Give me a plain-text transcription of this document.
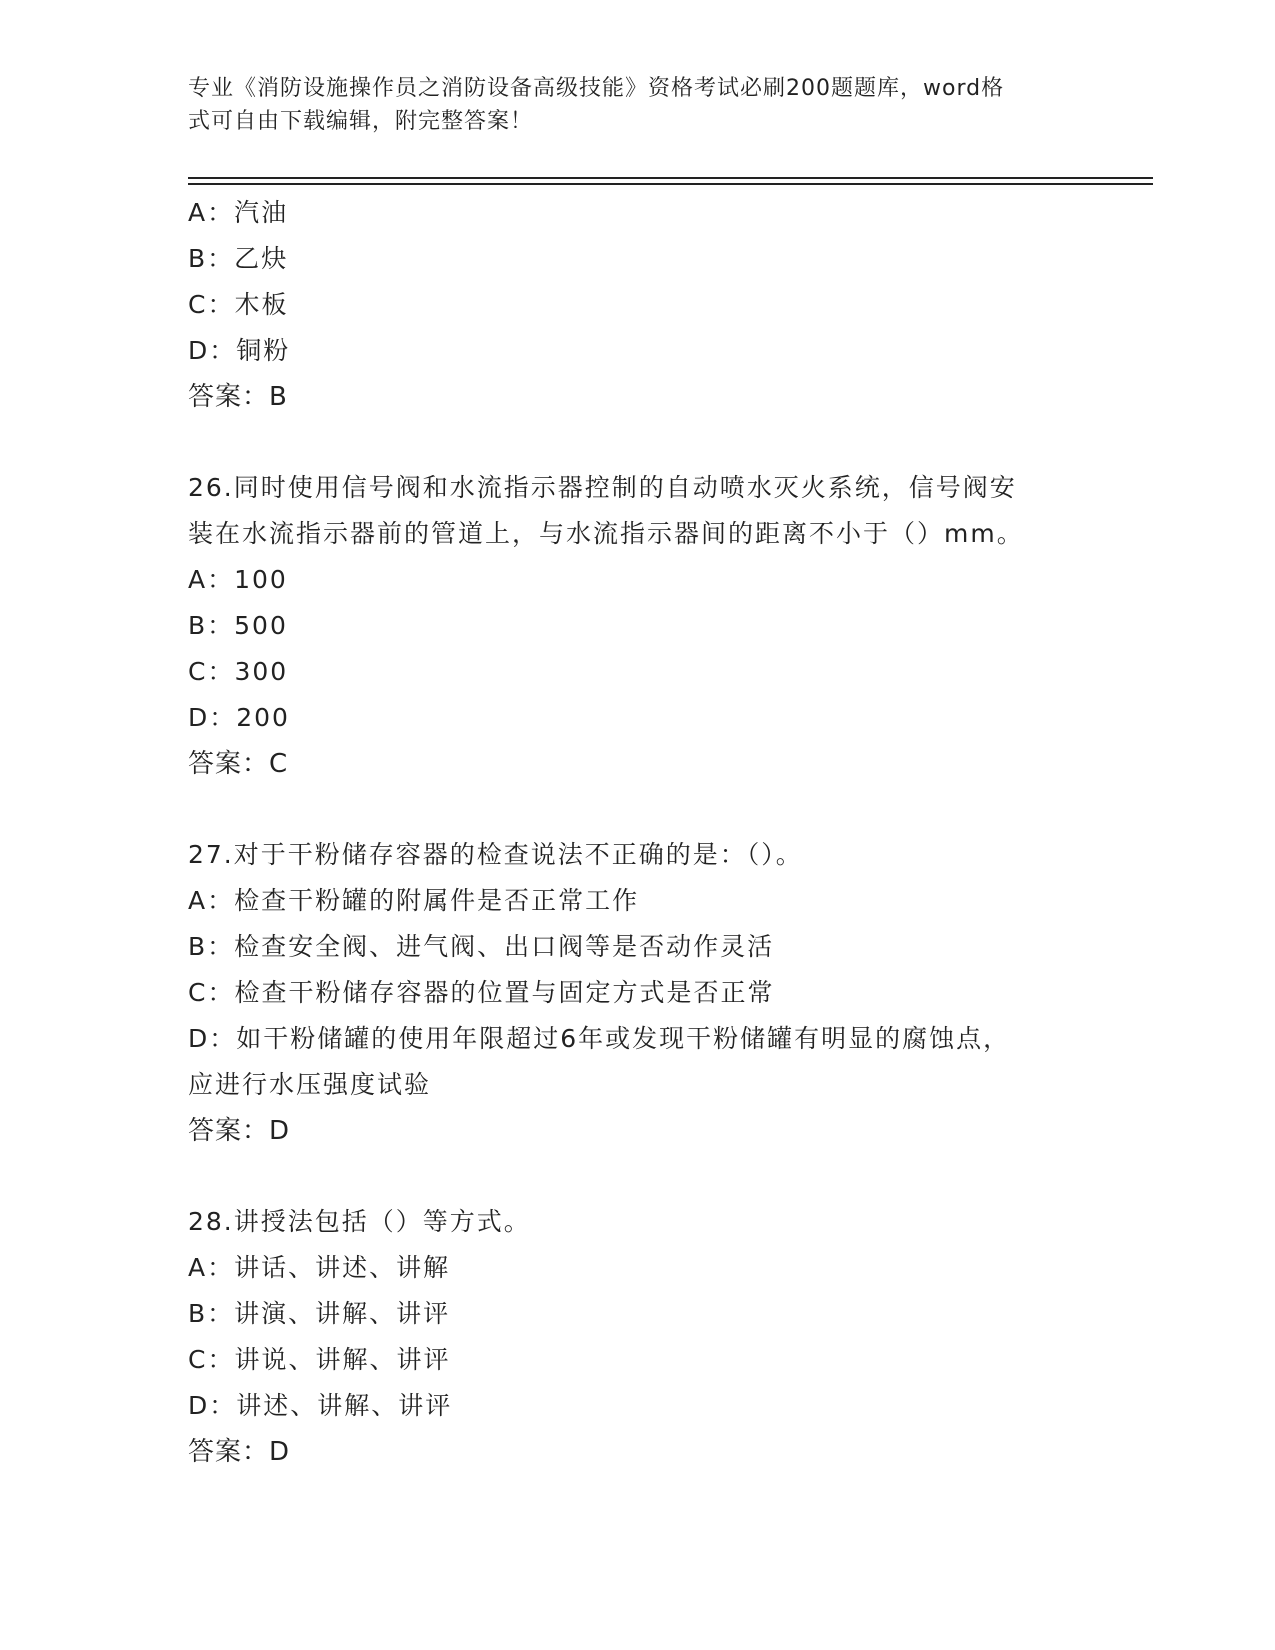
专业《消防设施操作员之消防设备高级技能》资格考试必刷200题题库，word格
式可自由下载编辑，附完整答案！
A：汽油
B：乙炔
C：木板
D：铜粉
答案：B
26.同时使用信号阀和水流指示器控制的自动喷水灭火系统，信号阀安
装在水流指示器前的管道上，与水流指示器间的距离不小于（）mm。
A：100
B：500
C：300
D：200
答案：C
27.对于干粉储存容器的检查说法不正确的是：（）。
A：检查干粉罐的附属件是否正常工作
B：检查安全阀、进气阀、出口阀等是否动作灵活
C：检查干粉储存容器的位置与固定方式是否正常
D：如干粉储罐的使用年限超过6年或发现干粉储罐有明显的腐蚀点，
应进行水压强度试验
答案：D
28.讲授法包括（）等方式。
A：讲话、讲述、讲解
B：讲演、讲解、讲评
C：讲说、讲解、讲评
D：讲述、讲解、讲评
答案：D
